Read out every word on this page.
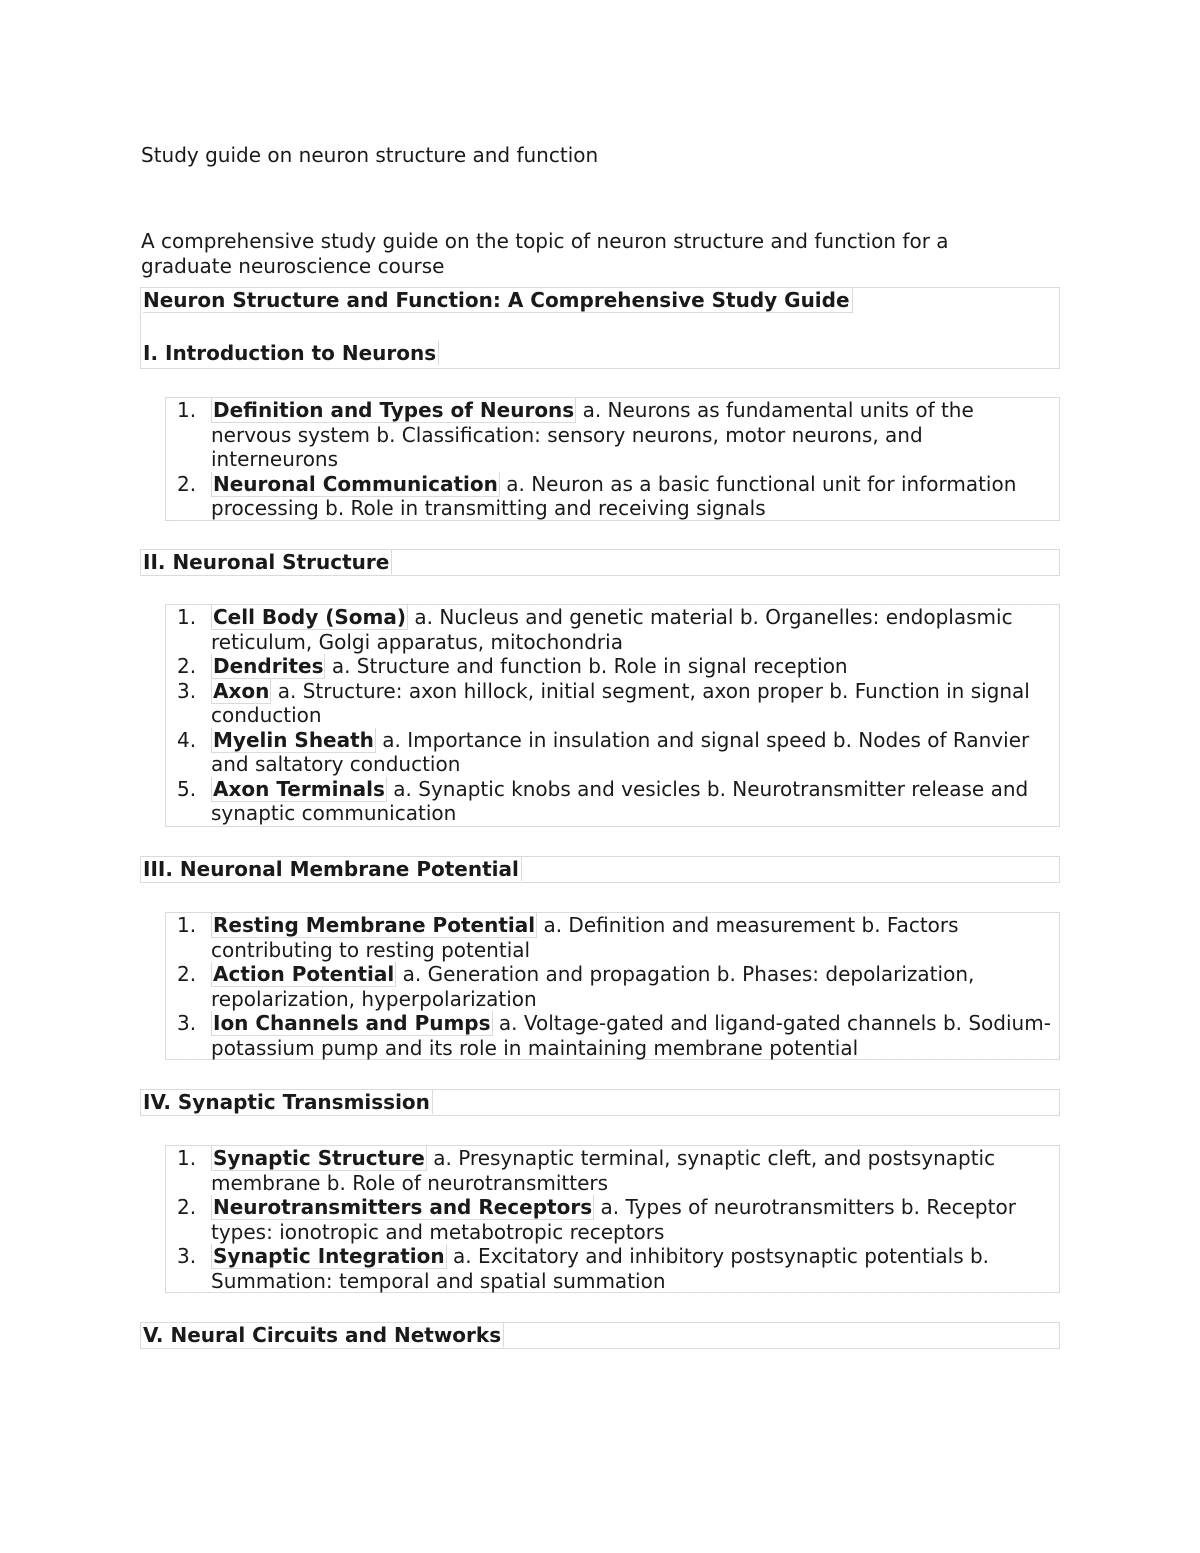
Study guide on neuron structure and function

A comprehensive study guide on the topic of neuron structure and function for a graduate neuroscience course

Neuron Structure and Function: A Comprehensive Study Guide

I. Introduction to Neurons

1. Definition and Types of Neurons a. Neurons as fundamental units of the nervous system b. Classification: sensory neurons, motor neurons, and interneurons
2. Neuronal Communication a. Neuron as a basic functional unit for information processing b. Role in transmitting and receiving signals

II. Neuronal Structure

1. Cell Body (Soma) a. Nucleus and genetic material b. Organelles: endoplasmic reticulum, Golgi apparatus, mitochondria
2. Dendrites a. Structure and function b. Role in signal reception
3. Axon a. Structure: axon hillock, initial segment, axon proper b. Function in signal conduction
4. Myelin Sheath a. Importance in insulation and signal speed b. Nodes of Ranvier and saltatory conduction
5. Axon Terminals a. Synaptic knobs and vesicles b. Neurotransmitter release and synaptic communication

III. Neuronal Membrane Potential

1. Resting Membrane Potential a. Definition and measurement b. Factors contributing to resting potential
2. Action Potential a. Generation and propagation b. Phases: depolarization, repolarization, hyperpolarization
3. Ion Channels and Pumps a. Voltage-gated and ligand-gated channels b. Sodium-potassium pump and its role in maintaining membrane potential

IV. Synaptic Transmission

1. Synaptic Structure a. Presynaptic terminal, synaptic cleft, and postsynaptic membrane b. Role of neurotransmitters
2. Neurotransmitters and Receptors a. Types of neurotransmitters b. Receptor types: ionotropic and metabotropic receptors
3. Synaptic Integration a. Excitatory and inhibitory postsynaptic potentials b. Summation: temporal and spatial summation

V. Neural Circuits and Networks
